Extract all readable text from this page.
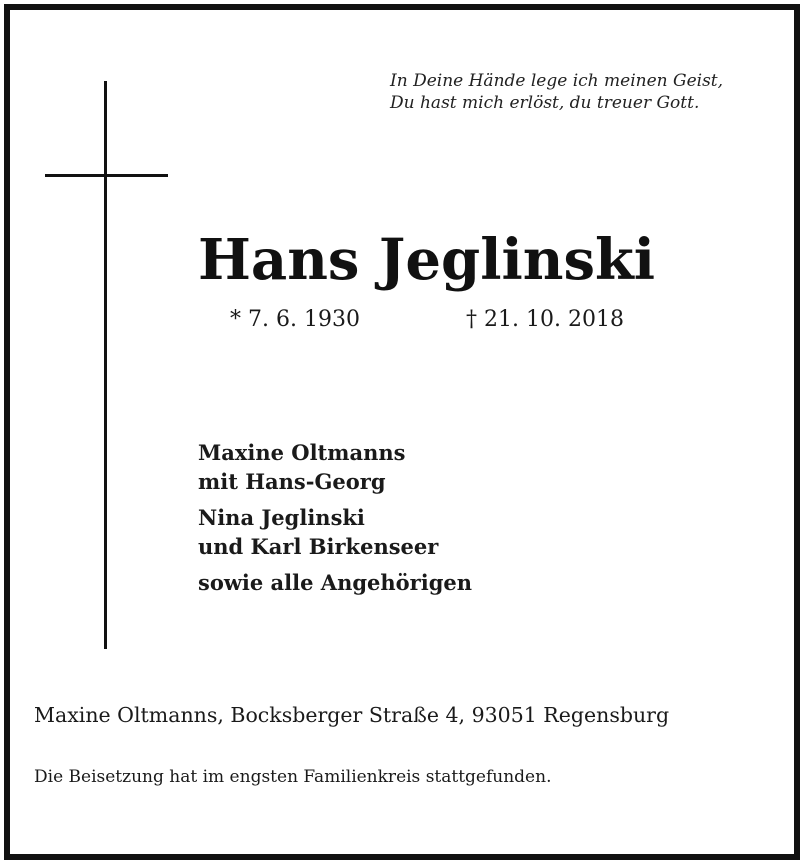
In Deine Hände lege ich meinen Geist,
Du hast mich erlöst, du treuer Gott.
Hans Jeglinski
* 7. 6. 1930	† 21. 10. 2018
Maxine Oltmanns
mit Hans-Georg
Nina Jeglinski
und Karl Birkenseer
sowie alle Angehörigen
Maxine Oltmanns, Bocksberger Straße 4, 93051 Regensburg
Die Beisetzung hat im engsten Familienkreis stattgefunden.
